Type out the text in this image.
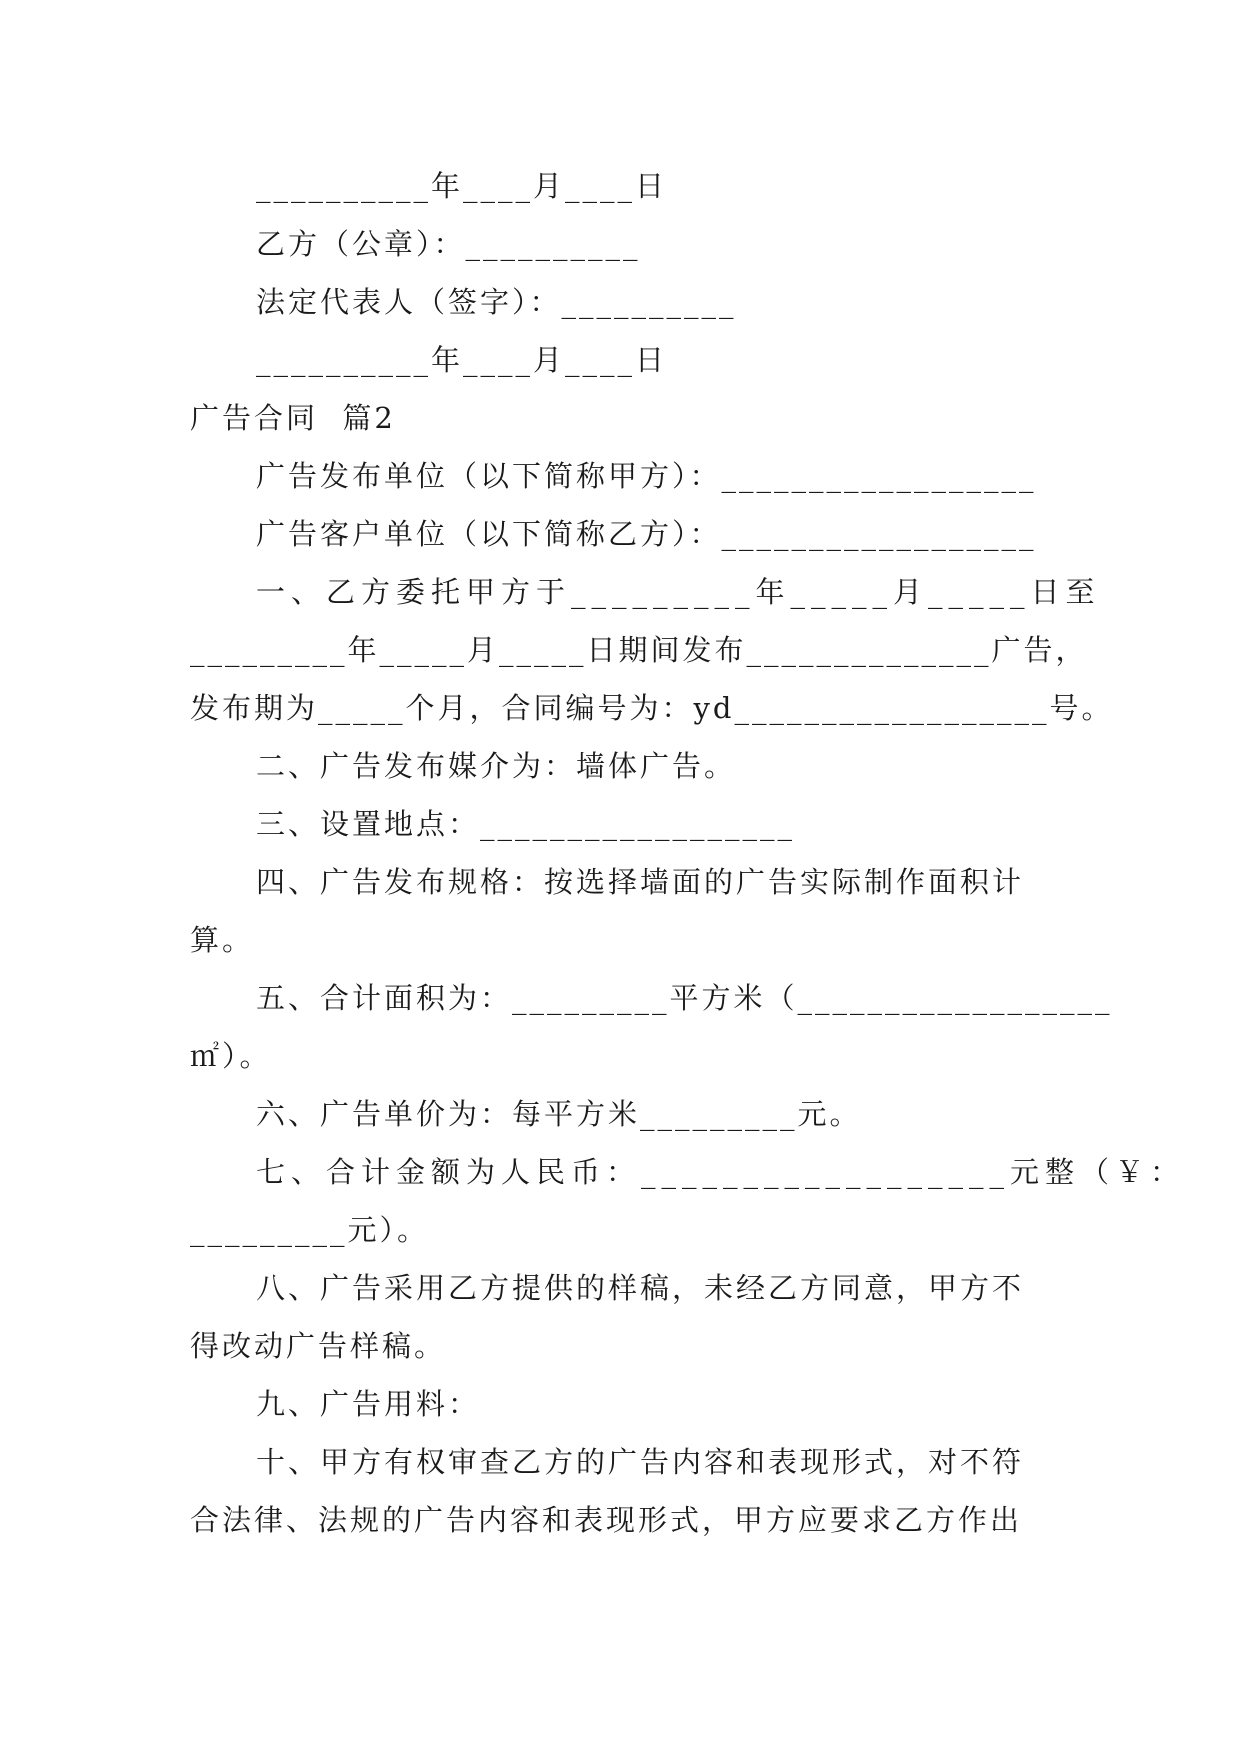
__________年____月____日
乙方（公章）：__________
法定代表人（签字）：__________
__________年____月____日
广告合同  篇2
广告发布单位（以下简称甲方）：__________________
广告客户单位（以下简称乙方）：__________________
一、乙方委托甲方于_________年_____月_____日至
_________年_____月_____日期间发布______________广告，
发布期为_____个月，合同编号为：yd__________________号。
二、广告发布媒介为：墙体广告。
三、设置地点：__________________
四、广告发布规格：按选择墙面的广告实际制作面积计
算。
五、合计面积为：_________平方米（__________________
㎡）。
六、广告单价为：每平方米_________元。
七、合计金额为人民币：__________________元整（￥：
_________元）。
八、广告采用乙方提供的样稿，未经乙方同意，甲方不
得改动广告样稿。
九、广告用料：
十、甲方有权审查乙方的广告内容和表现形式，对不符
合法律、法规的广告内容和表现形式，甲方应要求乙方作出
